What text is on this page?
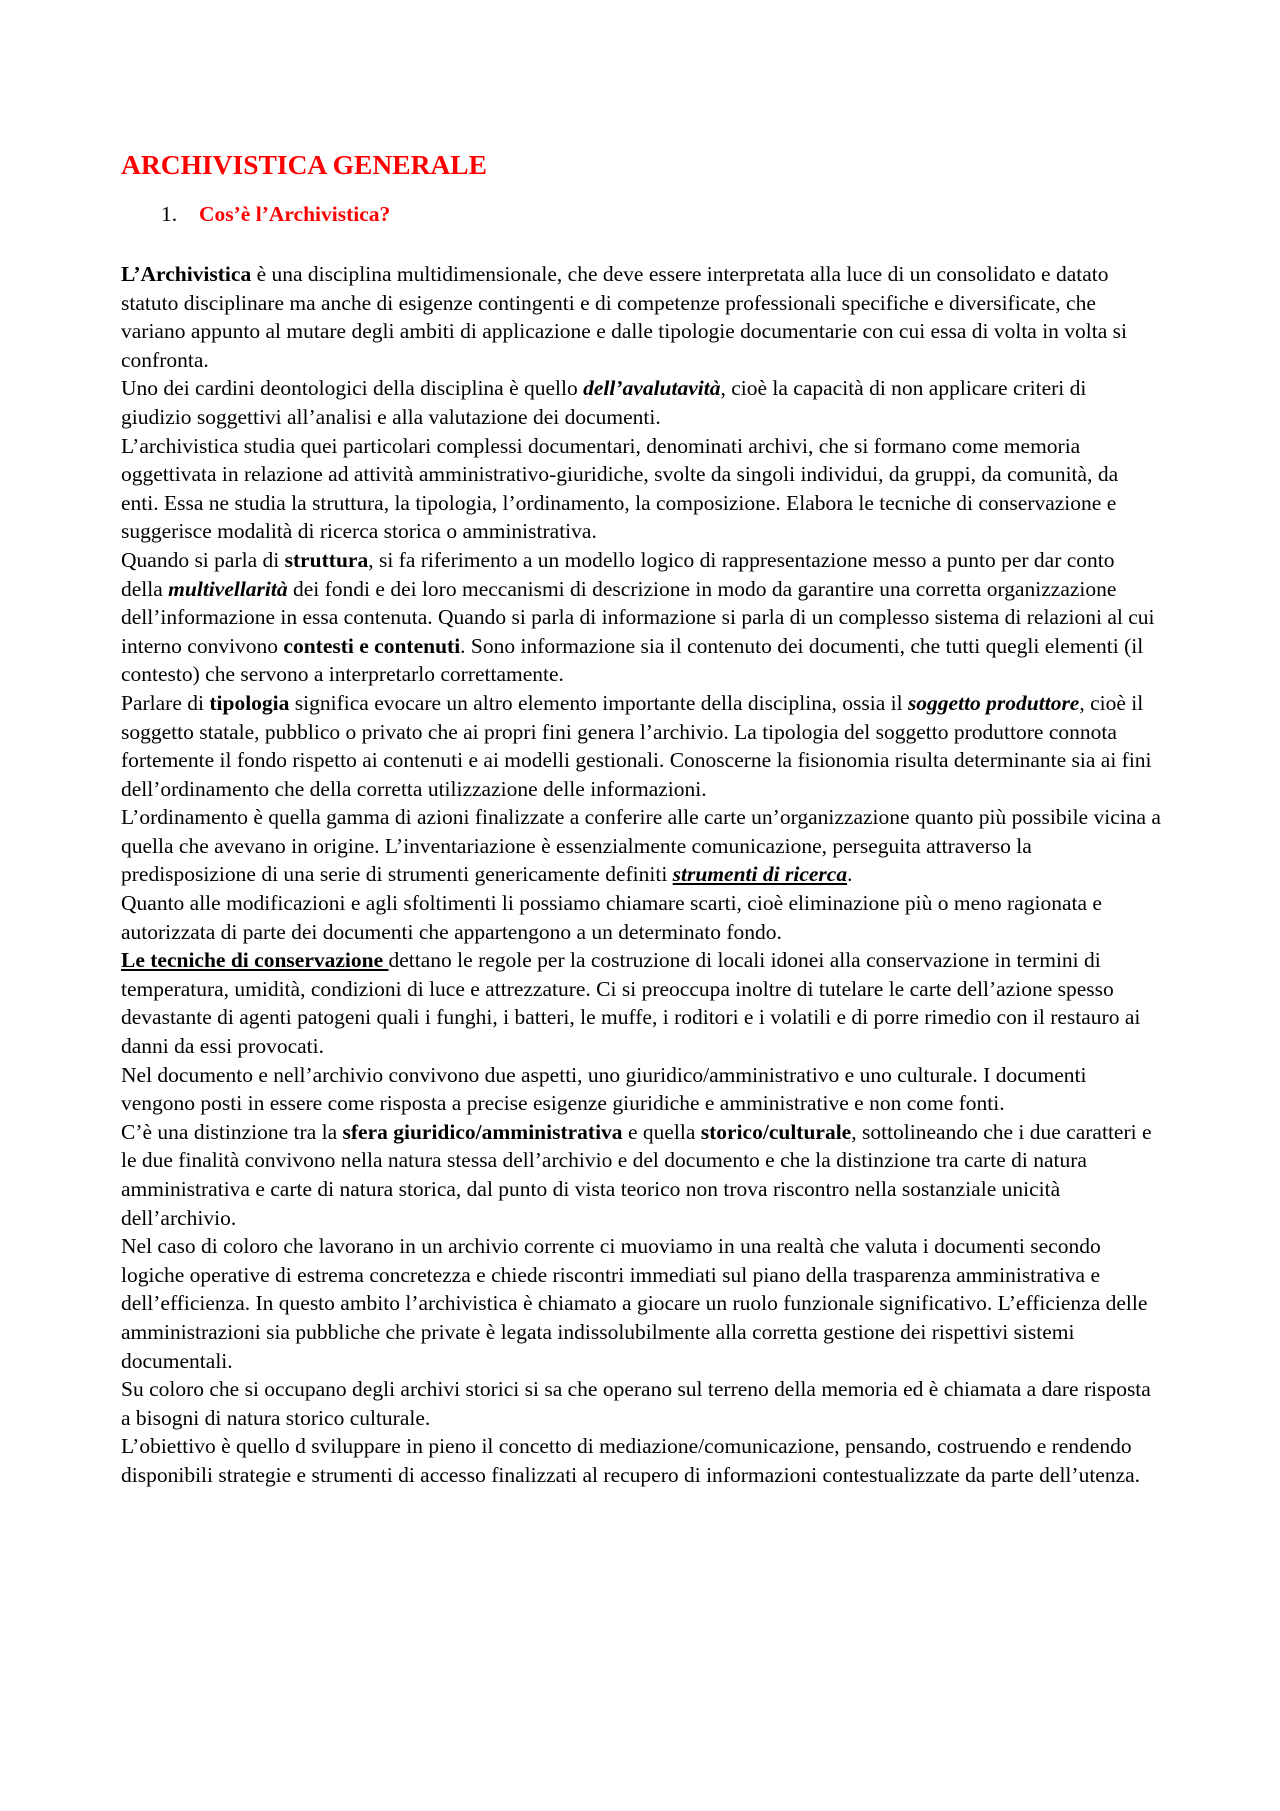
ARCHIVISTICA GENERALE
1.	Cos’è l’Archivistica?

L’Archivistica è una disciplina multidimensionale, che deve essere interpretata alla luce di un consolidato e datato statuto disciplinare ma anche di esigenze contingenti e di competenze professionali specifiche e diversificate, che variano appunto al mutare degli ambiti di applicazione e dalle tipologie documentarie con cui essa di volta in volta si confronta.

Uno dei cardini deontologici della disciplina è quello dell’avalutavità, cioè la capacità di non applicare criteri di giudizio soggettivi all’analisi e alla valutazione dei documenti.

L’archivistica studia quei particolari complessi documentari, denominati archivi, che si formano come memoria oggettivata in relazione ad attività amministrativo-giuridiche, svolte da singoli individui, da gruppi, da comunità, da enti. Essa ne studia la struttura, la tipologia, l’ordinamento, la composizione. Elabora le tecniche di conservazione e suggerisce modalità di ricerca storica o amministrativa.

Quando si parla di struttura, si fa riferimento a un modello logico di rappresentazione messo a punto per dar conto della multivellarità dei fondi e dei loro meccanismi di descrizione in modo da garantire una corretta organizzazione dell’informazione in essa contenuta. Quando si parla di informazione si parla di un complesso sistema di relazioni al cui interno convivono contesti e contenuti. Sono informazione sia il contenuto dei documenti, che tutti quegli elementi (il contesto) che servono a interpretarlo correttamente.

Parlare di tipologia significa evocare un altro elemento importante della disciplina, ossia il soggetto produttore, cioè il soggetto statale, pubblico o privato che ai propri fini genera l’archivio. La tipologia del soggetto produttore connota fortemente il fondo rispetto ai contenuti e ai modelli gestionali. Conoscerne la fisionomia risulta determinante sia ai fini dell’ordinamento che della corretta utilizzazione delle informazioni.

L’ordinamento è quella gamma di azioni finalizzate a conferire alle carte un’organizzazione quanto più possibile vicina a quella che avevano in origine. L’inventariazione è essenzialmente comunicazione, perseguita attraverso la predisposizione di una serie di strumenti genericamente definiti strumenti di ricerca.

Quanto alle modificazioni e agli sfoltimenti li possiamo chiamare scarti, cioè eliminazione più o meno ragionata e autorizzata di parte dei documenti che appartengono a un determinato fondo.

Le tecniche di conservazione dettano le regole per la costruzione di locali idonei alla conservazione in termini di temperatura, umidità, condizioni di luce e attrezzature. Ci si preoccupa inoltre di tutelare le carte dell’azione spesso devastante di agenti patogeni quali i funghi, i batteri, le muffe, i roditori e i volatili e di porre rimedio con il restauro ai danni da essi provocati.

Nel documento e nell’archivio convivono due aspetti, uno giuridico/amministrativo e uno culturale. I documenti vengono posti in essere come risposta a precise esigenze giuridiche e amministrative e non come fonti.

C’è una distinzione tra la sfera giuridico/amministrativa e quella storico/culturale, sottolineando che i due caratteri e le due finalità convivono nella natura stessa dell’archivio e del documento e che la distinzione tra carte di natura amministrativa e carte di natura storica, dal punto di vista teorico non trova riscontro nella sostanziale unicità dell’archivio.

Nel caso di coloro che lavorano in un archivio corrente ci muoviamo in una realtà che valuta i documenti secondo logiche operative di estrema concretezza e chiede riscontri immediati sul piano della trasparenza amministrativa e dell’efficienza. In questo ambito l’archivistica è chiamato a giocare un ruolo funzionale significativo. L’efficienza delle amministrazioni sia pubbliche che private è legata indissolubilmente alla corretta gestione dei rispettivi sistemi documentali.

Su coloro che si occupano degli archivi storici si sa che operano sul terreno della memoria ed è chiamata a dare risposta a bisogni di natura storico culturale.

L’obiettivo è quello d sviluppare in pieno il concetto di mediazione/comunicazione, pensando, costruendo e rendendo disponibili strategie e strumenti di accesso finalizzati al recupero di informazioni contestualizzate da parte dell’utenza.
